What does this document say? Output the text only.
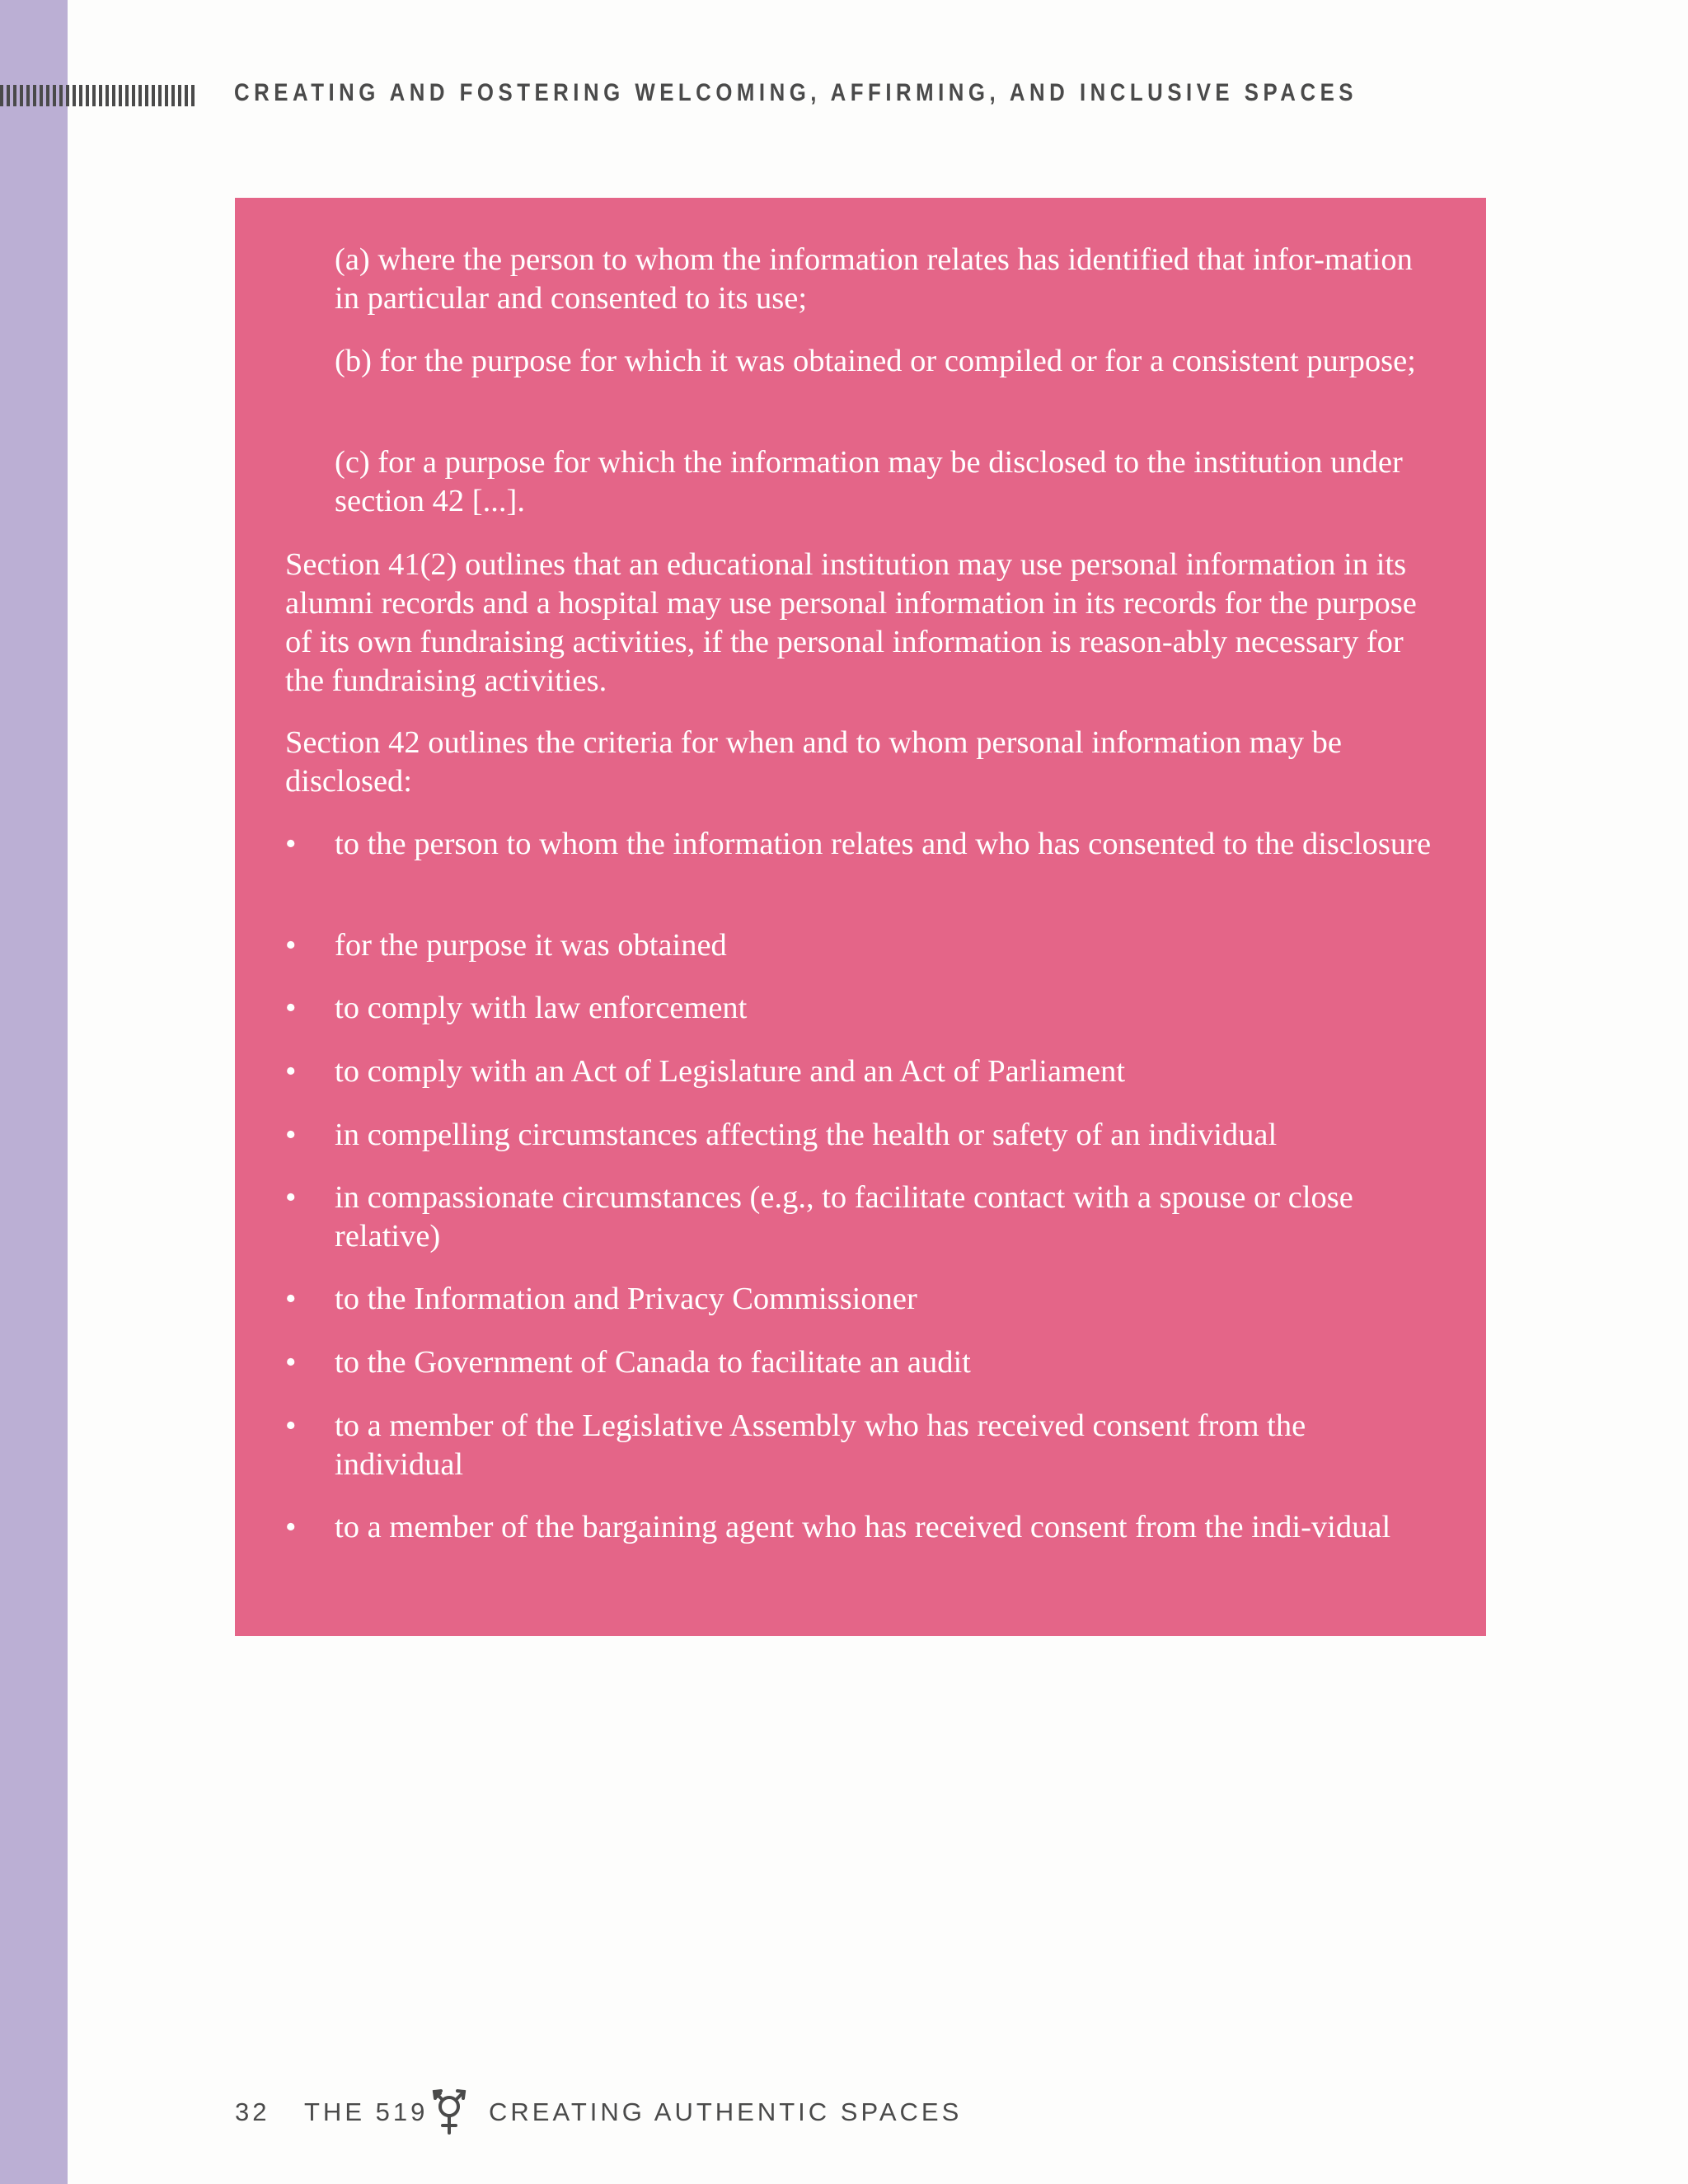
CREATING AND FOSTERING WELCOMING, AFFIRMING, AND INCLUSIVE SPACES

(a) where the person to whom the information relates has identified that infor-mation in particular and consented to its use;

(b) for the purpose for which it was obtained or compiled or for a consistent purpose;

(c) for a purpose for which the information may be disclosed to the institution under section 42 [...].

Section 41(2) outlines that an educational institution may use personal information in its alumni records and a hospital may use personal information in its records for the purpose of its own fundraising activities, if the personal information is reason-ably necessary for the fundraising activities.

Section 42 outlines the criteria for when and to whom personal information may be disclosed:

• to the person to whom the information relates and who has consented to the disclosure
• for the purpose it was obtained
• to comply with law enforcement
• to comply with an Act of Legislature and an Act of Parliament
• in compelling circumstances affecting the health or safety of an individual
• in compassionate circumstances (e.g., to facilitate contact with a spouse or close relative)
• to the Information and Privacy Commissioner
• to the Government of Canada to facilitate an audit
• to a member of the Legislative Assembly who has received consent from the individual
• to a member of the bargaining agent who has received consent from the indi-vidual
32 THE 519 CREATING AUTHENTIC SPACES
